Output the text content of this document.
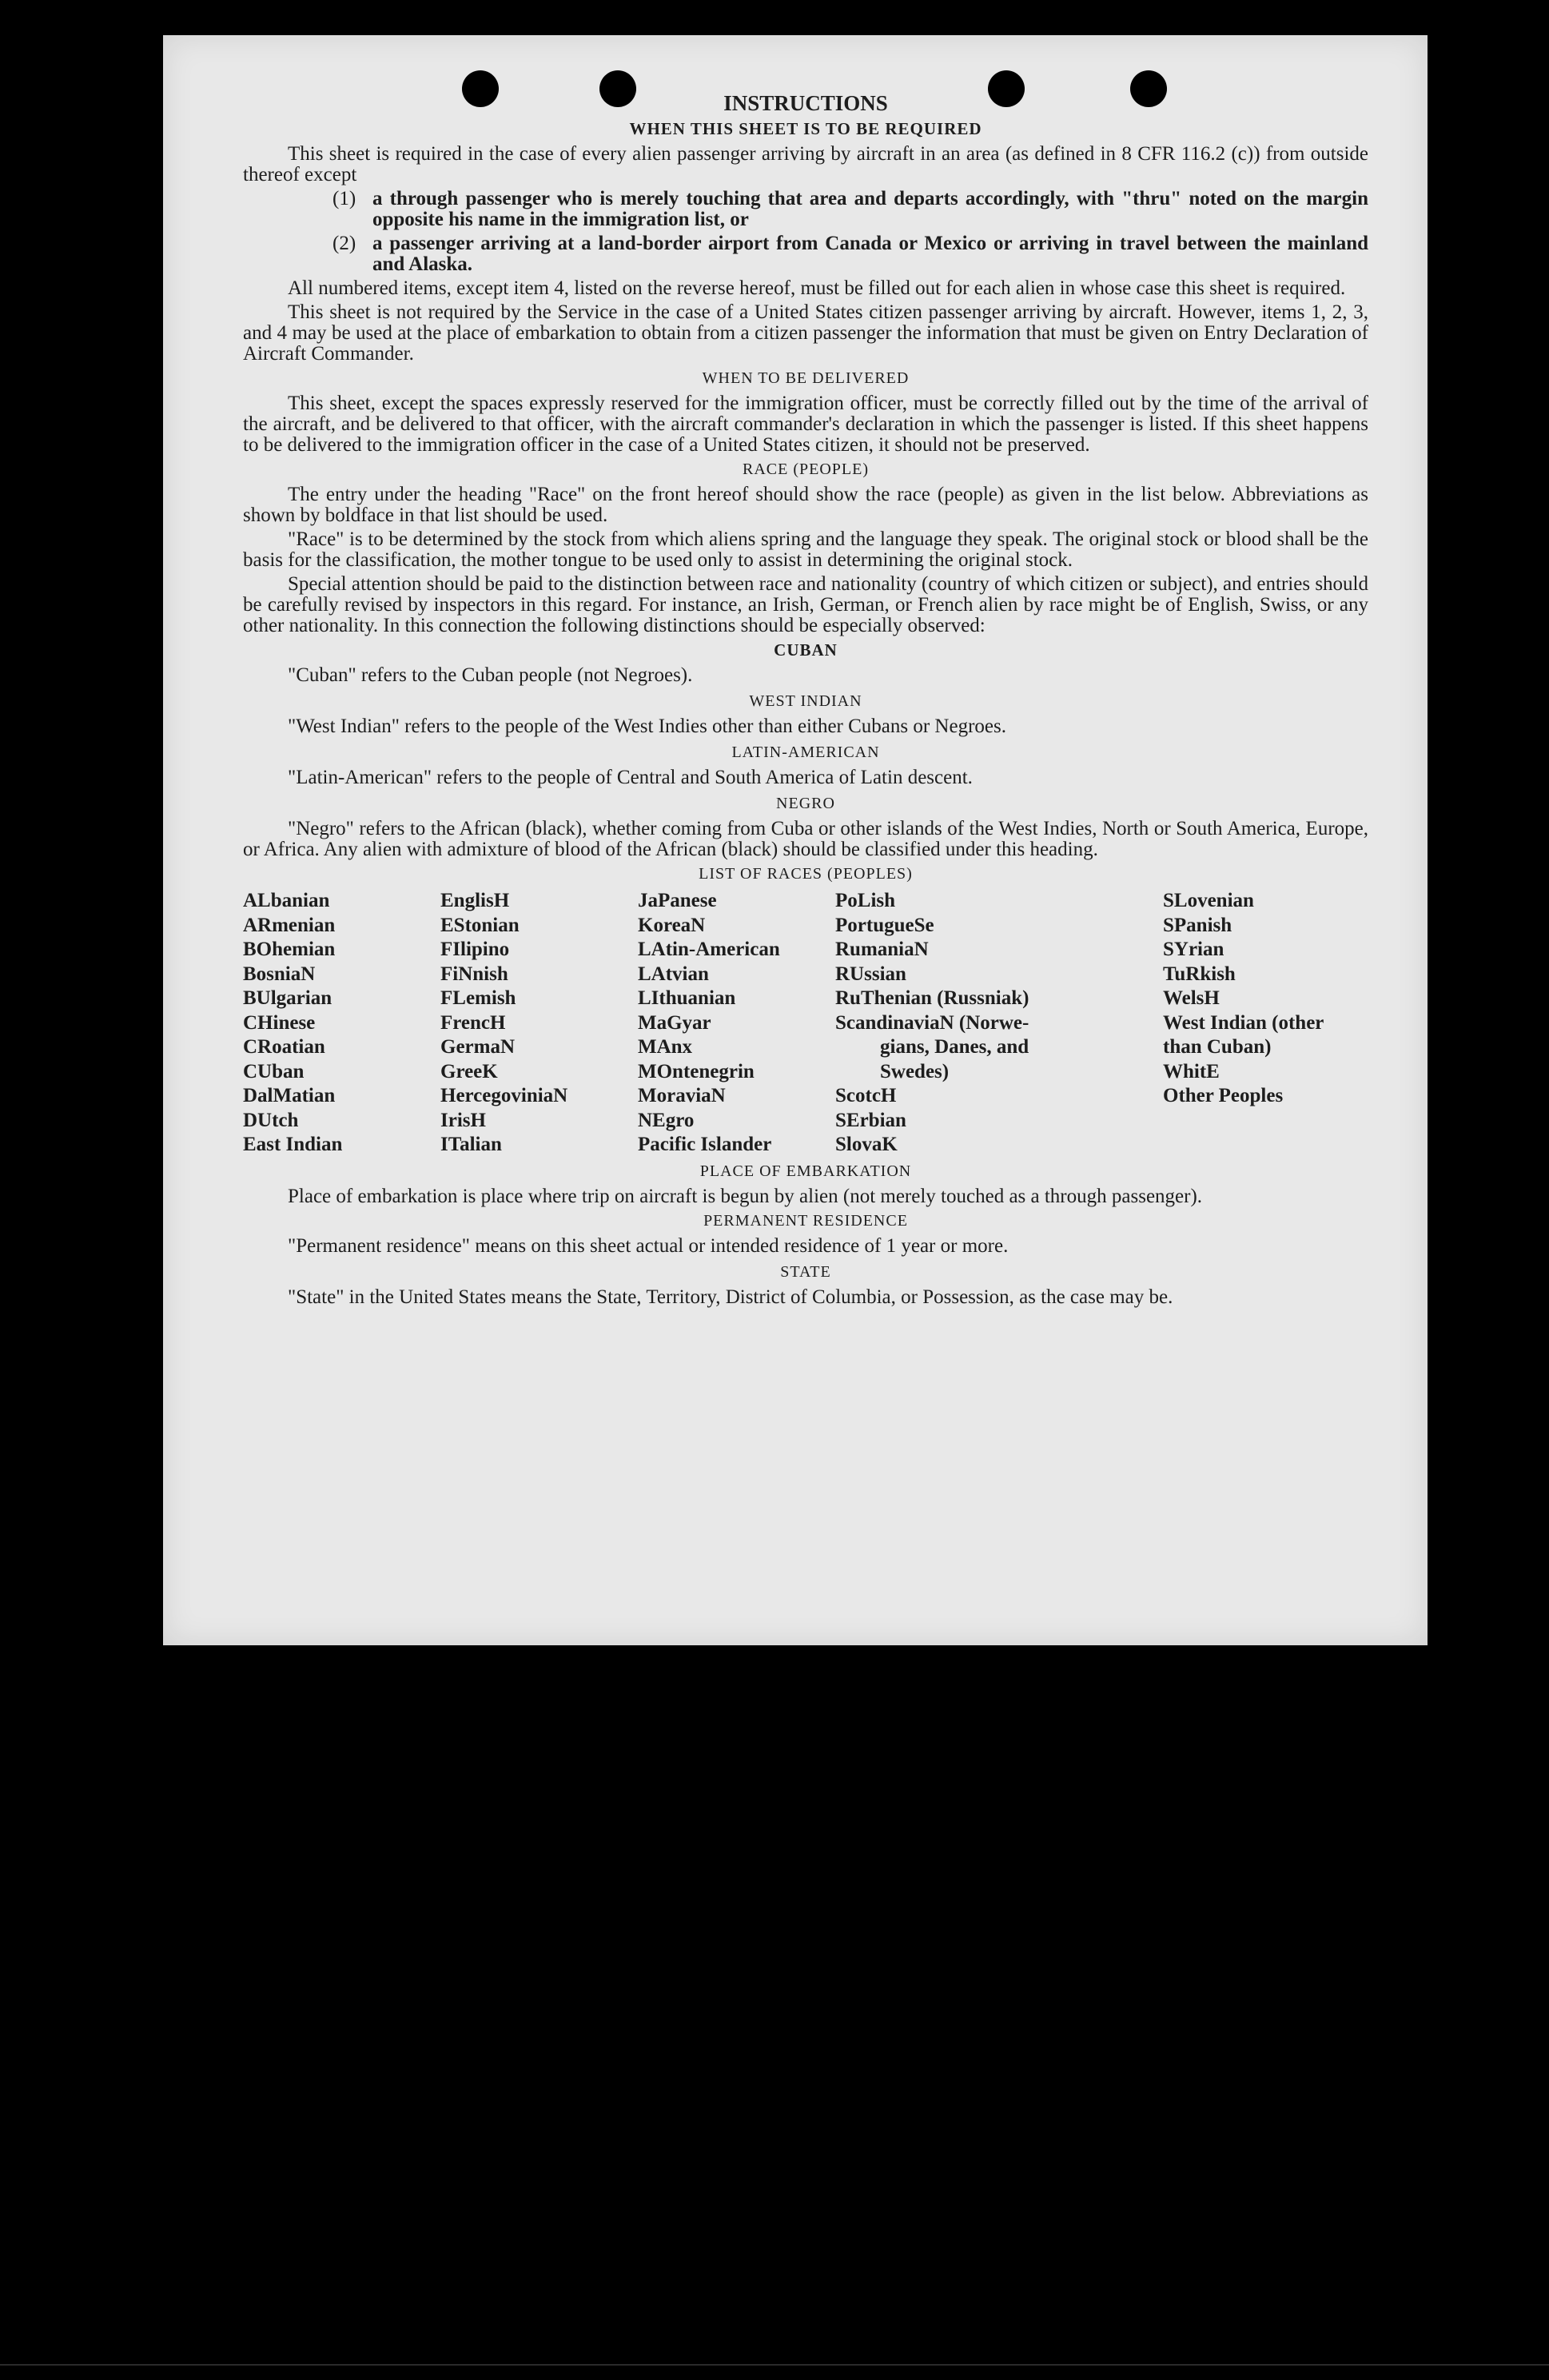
INSTRUCTIONS
WHEN THIS SHEET IS TO BE REQUIRED

This sheet is required in the case of every alien passenger arriving by aircraft in an area (as defined in 8 CFR 116.2 (c)) from outside thereof except

(1) a through passenger who is merely touching that area and departs accordingly, with "thru" noted on the margin opposite his name in the immigration list, or
(2) a passenger arriving at a land-border airport from Canada or Mexico or arriving in travel between the mainland and Alaska.

All numbered items, except item 4, listed on the reverse hereof, must be filled out for each alien in whose case this sheet is required.

This sheet is not required by the Service in the case of a United States citizen passenger arriving by aircraft. However, items 1, 2, 3, and 4 may be used at the place of embarkation to obtain from a citizen passenger the information that must be given on Entry Declaration of Aircraft Commander.

WHEN TO BE DELIVERED

This sheet, except the spaces expressly reserved for the immigration officer, must be correctly filled out by the time of the arrival of the aircraft, and be delivered to that officer, with the aircraft commander's declaration in which the passenger is listed. If this sheet happens to be delivered to the immigration officer in the case of a United States citizen, it should not be preserved.

RACE (PEOPLE)

The entry under the heading "Race" on the front hereof should show the race (people) as given in the list below. Abbreviations as shown by boldface in that list should be used.

"Race" is to be determined by the stock from which aliens spring and the language they speak. The original stock or blood shall be the basis for the classification, the mother tongue to be used only to assist in determining the original stock.

Special attention should be paid to the distinction between race and nationality (country of which citizen or subject), and entries should be carefully revised by inspectors in this regard. For instance, an Irish, German, or French alien by race might be of English, Swiss, or any other nationality. In this connection the following distinctions should be especially observed:

CUBAN
"Cuban" refers to the Cuban people (not Negroes).
WEST INDIAN
"West Indian" refers to the people of the West Indies other than either Cubans or Negroes.
LATIN-AMERICAN
"Latin-American" refers to the people of Central and South America of Latin descent.
NEGRO

"Negro" refers to the African (black), whether coming from Cuba or other islands of the West Indies, North or South America, Europe, or Africa. Any alien with admixture of blood of the African (black) should be classified under this heading.

LIST OF RACES (PEOPLES)
ALbanian
ARmenian
BOhemian
BosniaN
BUlgarian
CHinese
CRoatian
CUban
DalMatian
DUtch
East Indian
EnglisH
EStonian
FIlipino
FiNnish
FLemish
FrencH
GermaN
GreeK
HercegoviniaN
IrisH
ITalian
JaPanese
KoreaN
LAtin-American
LAtvian
LIthuanian
MaGyar
MAnx
MOntenegrin
MoraviaN
NEgro
Pacific Islander
PoLish
PortugueSe
RumaniaN
RUssian
RuThenian (Russniak)
ScandinaviaN (Norwe-
gians, Danes, and
Swedes)
ScotcH
SErbian
SlovaK
SLovenian
SPanish
SYrian
TuRkish
WelsH
West Indian (other
than Cuban)
WhitE
Other Peoples
PLACE OF EMBARKATION

Place of embarkation is place where trip on aircraft is begun by alien (not merely touched as a through passenger).

PERMANENT RESIDENCE
"Permanent residence" means on this sheet actual or intended residence of 1 year or more.
STATE

"State" in the United States means the State, Territory, District of Columbia, or Possession, as the case may be.
